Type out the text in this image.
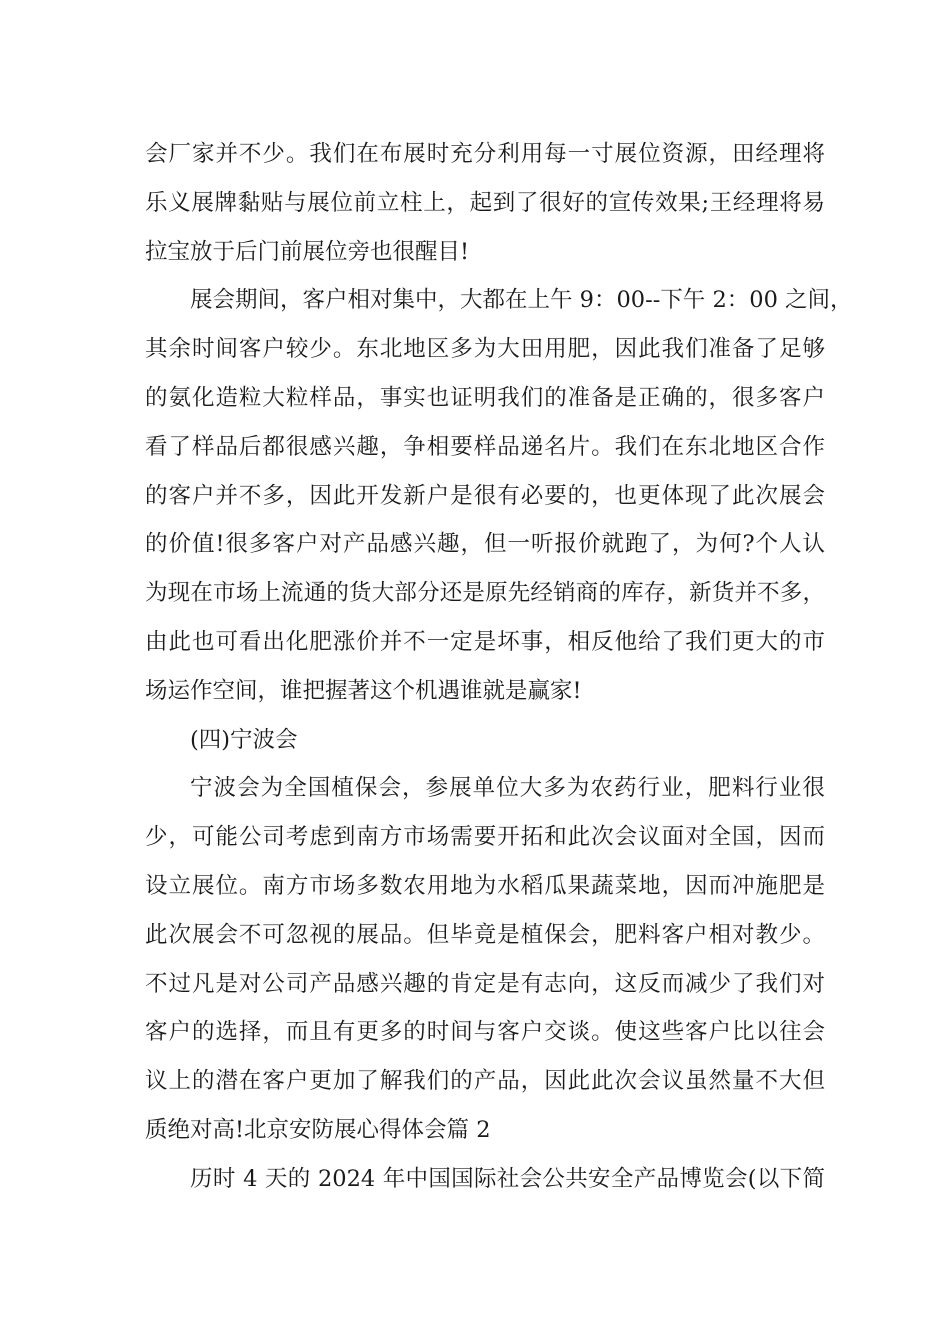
会厂家并不少。我们在布展时充分利用每一寸展位资源，田经理将
乐义展牌黏贴与展位前立柱上，起到了很好的宣传效果;王经理将易
拉宝放于后门前展位旁也很醒目!
展会期间，客户相对集中，大都在上午 9：00--下午 2：00 之间，
其余时间客户较少。东北地区多为大田用肥，因此我们准备了足够
的氨化造粒大粒样品，事实也证明我们的准备是正确的，很多客户
看了样品后都很感兴趣，争相要样品递名片。我们在东北地区合作
的客户并不多，因此开发新户是很有必要的，也更体现了此次展会
的价值!很多客户对产品感兴趣，但一听报价就跑了，为何?个人认
为现在市场上流通的货大部分还是原先经销商的库存，新货并不多，
由此也可看出化肥涨价并不一定是坏事，相反他给了我们更大的市
场运作空间，谁把握著这个机遇谁就是赢家!
(四)宁波会
宁波会为全国植保会，参展单位大多为农药行业，肥料行业很
少，可能公司考虑到南方市场需要开拓和此次会议面对全国，因而
设立展位。南方市场多数农用地为水稻瓜果蔬菜地，因而冲施肥是
此次展会不可忽视的展品。但毕竟是植保会，肥料客户相对教少。
不过凡是对公司产品感兴趣的肯定是有志向，这反而减少了我们对
客户的选择，而且有更多的时间与客户交谈。使这些客户比以往会
议上的潜在客户更加了解我们的产品，因此此次会议虽然量不大但
质绝对高!北京安防展心得体会篇 2
历时 4 天的 2024 年中国国际社会公共安全产品博览会(以下简
